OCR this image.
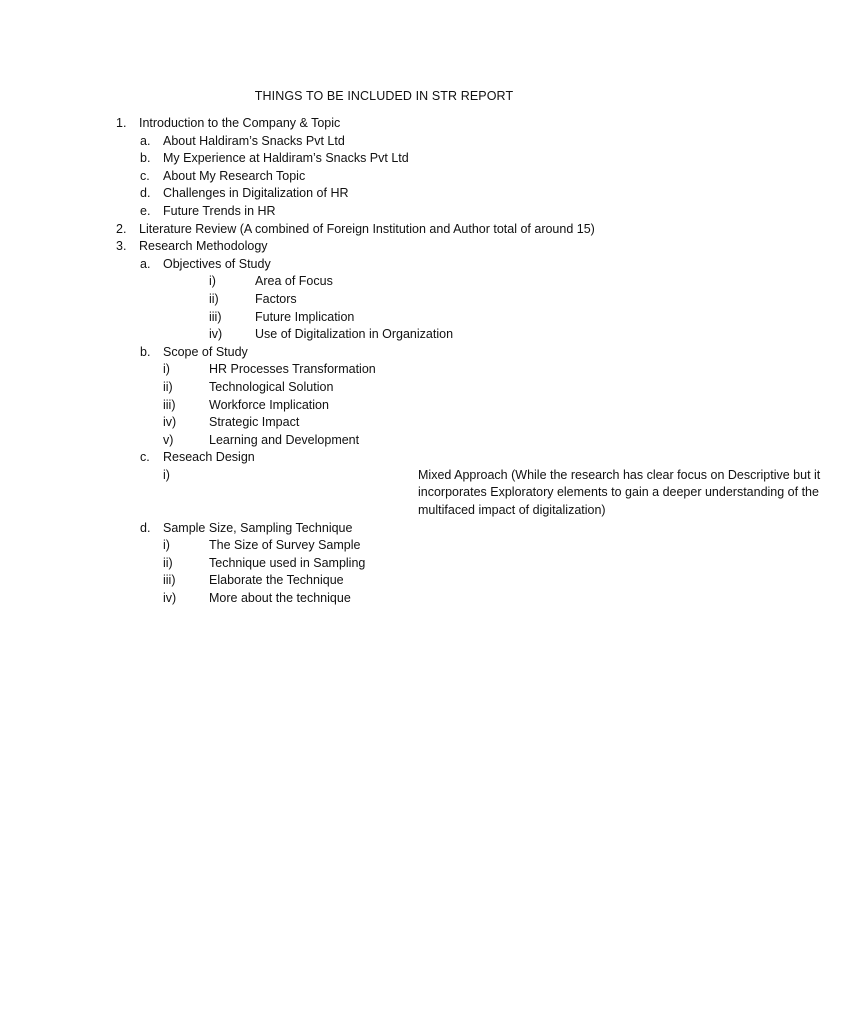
THINGS TO BE INCLUDED IN STR REPORT
1. Introduction to the Company & Topic
a. About Haldiram’s Snacks Pvt Ltd
b. My Experience at Haldiram’s Snacks Pvt Ltd
c. About My Research Topic
d. Challenges in Digitalization of HR
e. Future Trends in HR
2. Literature Review (A combined of Foreign Institution and Author total of around 15)
3. Research Methodology
a. Objectives of Study
i)	Area of Focus
ii)	Factors
iii)	Future Implication
iv)	Use of Digitalization in Organization
b. Scope of Study
i)	HR Processes Transformation
ii)	Technological Solution
iii)	Workforce Implication
iv)	Strategic Impact
v)	Learning and Development
c. Reseach Design
i)	Mixed Approach (While the research has clear focus on Descriptive but it incorporates Exploratory elements to gain a deeper understanding of the multifaced impact of digitalization)
d. Sample Size, Sampling Technique
i)	The Size of Survey Sample
ii)	Technique used in Sampling
iii)	Elaborate the Technique
iv)	More about the technique
